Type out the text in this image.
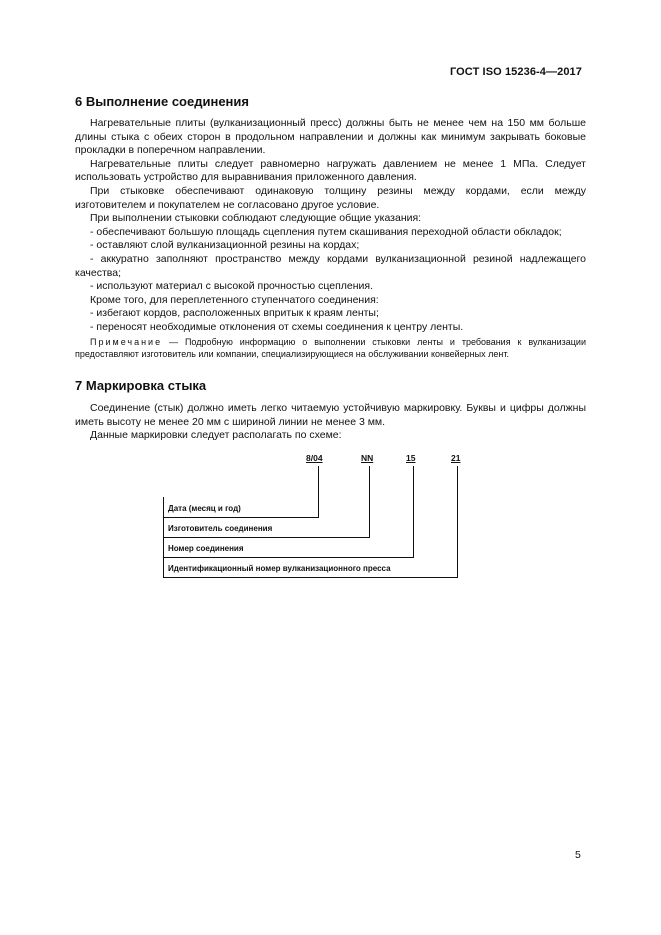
ГОСТ ISO 15236-4—2017
6 Выполнение соединения

Нагревательные плиты (вулканизационный пресс) должны быть не менее чем на 150 мм больше длины стыка с обеих сторон в продольном направлении и должны как минимум закрывать боковые прокладки в поперечном направлении.

Нагревательные плиты следует равномерно нагружать давлением не менее 1 МПа. Следует использовать устройство для выравнивания приложенного давления.

При стыковке обеспечивают одинаковую толщину резины между кордами, если между изготовителем и покупателем не согласовано другое условие.

При выполнении стыковки соблюдают следующие общие указания:

- обеспечивают большую площадь сцепления путем скашивания переходной области обкладок;

- оставляют слой вулканизационной резины на кордах;

- аккуратно заполняют пространство между кордами вулканизационной резиной надлежащего качества;

- используют материал с высокой прочностью сцепления.

Кроме того, для переплетенного ступенчатого соединения:

- избегают кордов, расположенных впритык к краям ленты;

- переносят необходимые отклонения от схемы соединения к центру ленты.

Примечание — Подробную информацию о выполнении стыковки ленты и требования к вулканизации предоставляют изготовитель или компании, специализирующиеся на обслуживании конвейерных лент.
7 Маркировка стыка

Соединение (стык) должно иметь легко читаемую устойчивую маркировку. Буквы и цифры должны иметь высоту не менее 20 мм с шириной линии не менее 3 мм.

Данные маркировки следует располагать по схеме:

8/04	NN	15	21
Дата (месяц и год)
Изготовитель соединения
Номер соединения
Идентификационный номер вулканизационного пресса
5
